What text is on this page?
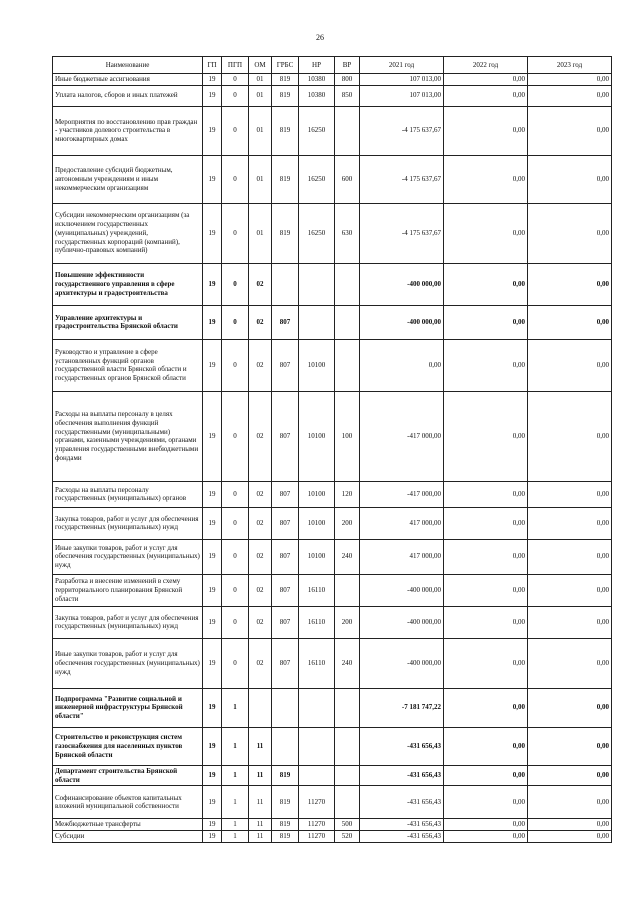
26
Наименование	ГП	ПГП	ОМ	ГРБС	НР	ВР	2021 год	2022 год	2023 год
Иные бюджетные ассигнования	19	0	01	819	10380	800	107 013,00	0,00	0,00
Уплата налогов, сборов и иных платежей	19	0	01	819	10380	850	107 013,00	0,00	0,00
Мероприятия по восстановлению прав граждан - участников долевого строительства в многоквартирных домах	19	0	01	819	16250		-4 175 637,67	0,00	0,00
Предоставление субсидий бюджетным, автономным учреждениям и иным некоммерческим организациям	19	0	01	819	16250	600	-4 175 637,67	0,00	0,00
Субсидии некоммерческим организациям (за исключением государственных (муниципальных) учреждений, государственных корпораций (компаний), публично-правовых компаний)	19	0	01	819	16250	630	-4 175 637,67	0,00	0,00
Повышение эффективности государственного управления в сфере архитектуры и градостроительства	19	0	02				-400 000,00	0,00	0,00
Управление архитектуры и градостроительства Брянской области	19	0	02	807			-400 000,00	0,00	0,00
Руководство и управление в сфере установленных функций органов государственной власти Брянской области и государственных органов Брянской области	19	0	02	807	10100		0,00	0,00	0,00
Расходы на выплаты персоналу в целях обеспечения выполнения функций государственными (муниципальными) органами, казенными учреждениями, органами управления государственными внебюджетными фондами	19	0	02	807	10100	100	-417 000,00	0,00	0,00
Расходы на выплаты персоналу государственных (муниципальных) органов	19	0	02	807	10100	120	-417 000,00	0,00	0,00
Закупка товаров, работ и услуг для обеспечения государственных (муниципальных) нужд	19	0	02	807	10100	200	417 000,00	0,00	0,00
Иные закупки товаров, работ и услуг для обеспечения государственных (муниципальных) нужд	19	0	02	807	10100	240	417 000,00	0,00	0,00
Разработка и внесение изменений в схему территориального планирования Брянской области	19	0	02	807	16110		-400 000,00	0,00	0,00
Закупка товаров, работ и услуг для обеспечения государственных (муниципальных) нужд	19	0	02	807	16110	200	-400 000,00	0,00	0,00
Иные закупки товаров, работ и услуг для обеспечения государственных (муниципальных) нужд	19	0	02	807	16110	240	-400 000,00	0,00	0,00
Подпрограмма "Развитие социальной и инженерной инфраструктуры Брянской области"	19	1					-7 181 747,22	0,00	0,00
Строительство и реконструкция систем газоснабжения для населенных пунктов Брянской области	19	1	11				-431 656,43	0,00	0,00
Департамент строительства Брянской области	19	1	11	819			-431 656,43	0,00	0,00
Софинансирование объектов капитальных вложений муниципальной собственности	19	1	11	819	11270		-431 656,43	0,00	0,00
Межбюджетные трансферты	19	1	11	819	11270	500	-431 656,43	0,00	0,00
Субсидии	19	1	11	819	11270	520	-431 656,43	0,00	0,00
